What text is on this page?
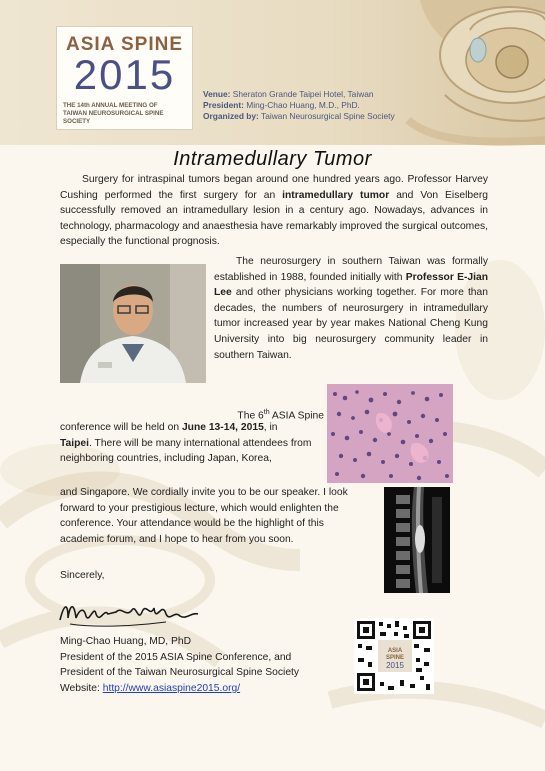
ASIA SPINE
2015
THE 14th ANNUAL MEETING OF
TAIWAN NEUROSURGICAL SPINE SOCIETY
Venue: Sheraton Grande Taipei Hotel, Taiwan
President: Ming-Chao Huang, M.D., PhD.
Organized by: Taiwan Neurosurgical Spine Society
Intramedullary Tumor
Surgery for intraspinal tumors began around one hundred years ago. Professor Harvey Cushing performed the first surgery for an intramedullary tumor and Von Eiselberg successfully removed an intramedullary lesion in a century ago. Nowadays, advances in technology, pharmacology and anaesthesia have remarkably improved the surgical outcomes, especially the functional prognosis.
The neurosurgery in southern Taiwan was formally established in 1988, founded initially with Professor E-Jian Lee and other physicians working together. For more than decades, the numbers of neurosurgery in intramedullary tumor increased year by year makes National Cheng Kung University into big neurosurgery community leader in southern Taiwan.
The 6th ASIA Spine
conference will be held on June 13-14, 2015, in
Taipei. There will be many international attendees from neighboring countries, including Japan, Korea,
and Singapore. We cordially invite you to be our speaker. I look forward to your prestigious lecture, which would enlighten the conference. Your attendance would be the highlight of this academic forum, and I hope to hear from you soon.
Sincerely,
Ming-Chao Huang, MD, PhD
President of the 2015 ASIA Spine Conference, and
President of the Taiwan Neurosurgical Spine Society
Website: http://www.asiaspine2015.org/
ASIA
SPINE
2015
